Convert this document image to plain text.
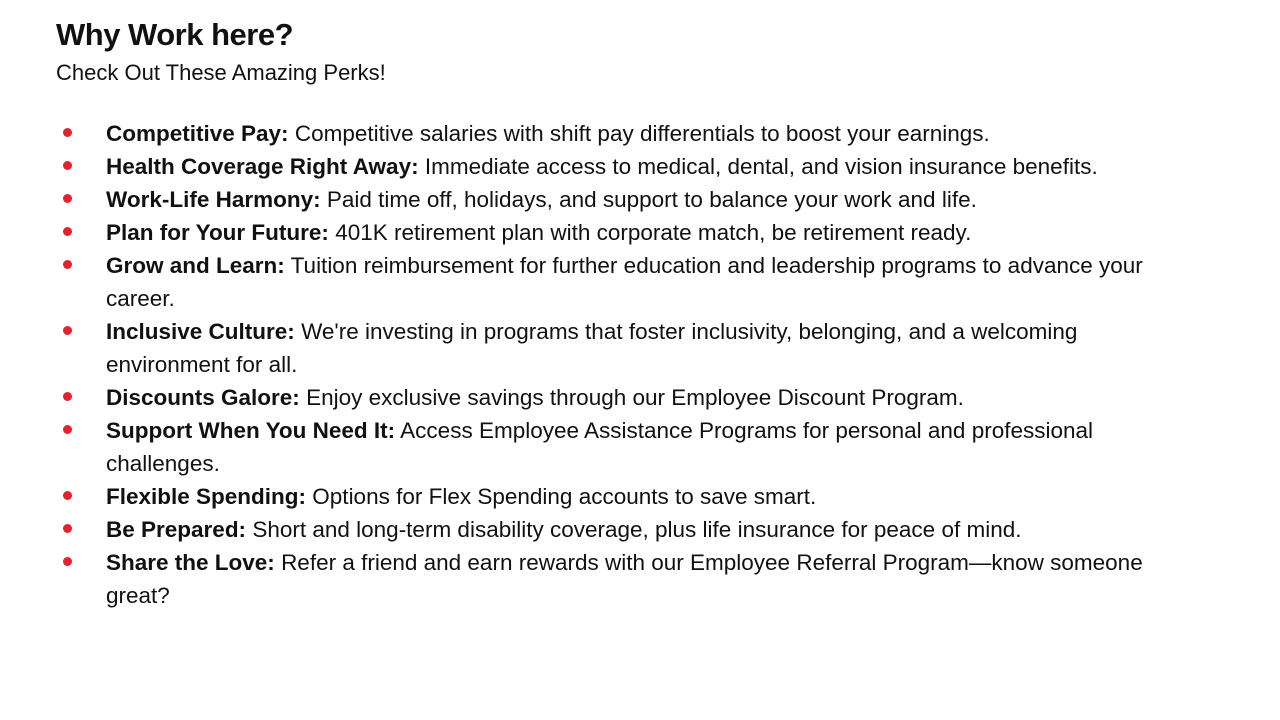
Why Work here?

Check Out These Amazing Perks!

Competitive Pay: Competitive salaries with shift pay differentials to boost your earnings.
Health Coverage Right Away: Immediate access to medical, dental, and vision insurance benefits.
Work-Life Harmony: Paid time off, holidays, and support to balance your work and life.
Plan for Your Future: 401K retirement plan with corporate match, be retirement ready.
Grow and Learn: Tuition reimbursement for further education and leadership programs to advance your career.
Inclusive Culture: We're investing in programs that foster inclusivity, belonging, and a welcoming environment for all.
Discounts Galore: Enjoy exclusive savings through our Employee Discount Program.
Support When You Need It: Access Employee Assistance Programs for personal and professional challenges.
Flexible Spending: Options for Flex Spending accounts to save smart.
Be Prepared: Short and long-term disability coverage, plus life insurance for peace of mind.
Share the Love: Refer a friend and earn rewards with our Employee Referral Program—know someone great?
